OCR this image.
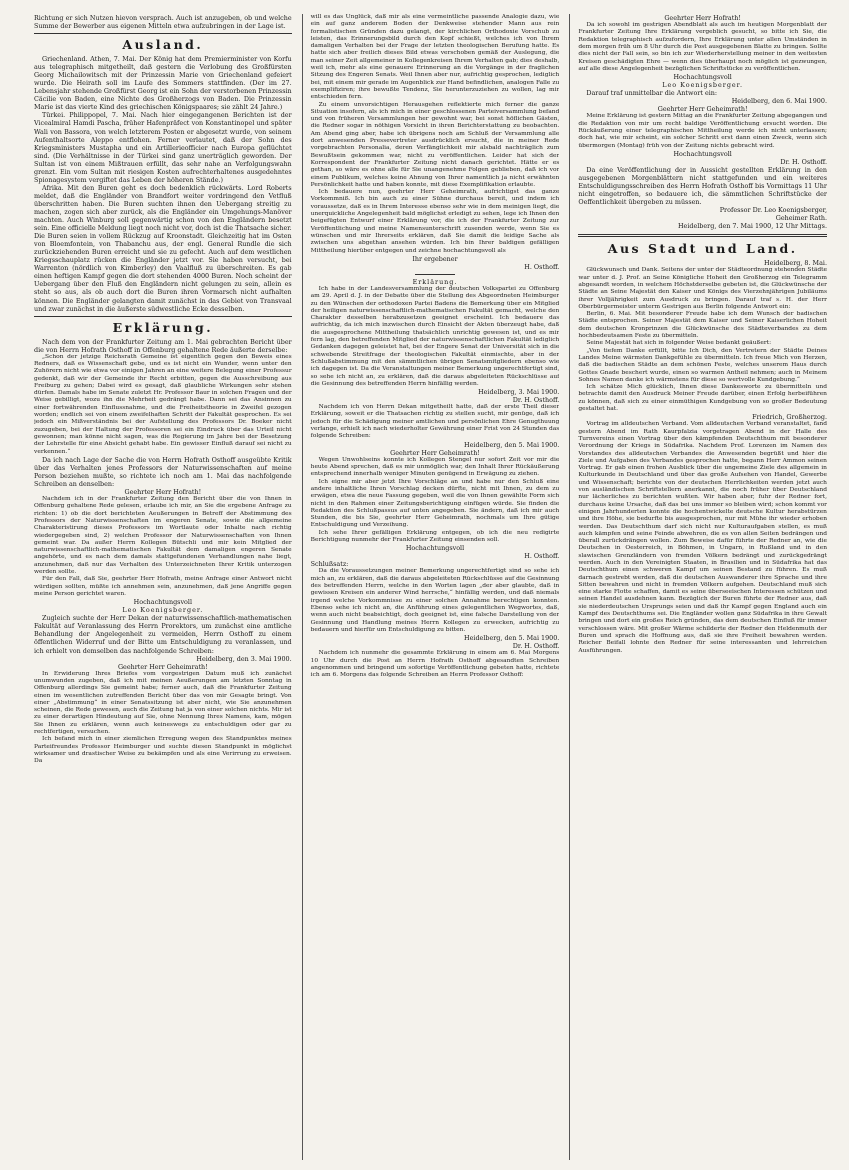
Richtung er sich Nutzen hievon versprach. Auch ist anzugeben, ob und welche Summe der Bewerber aus eigenen Mitteln etwa aufzubringen in der Lage ist.

Ausland.

Griechenland. Athen, 7. Mai. Der König hat dem Premierminister von Korfu aus telegraphisch mitgetheilt, daß gestern die Verlobung des Großfürsten Georg Michailowitsch mit der Prinzessin Marie von Griechenland gefeiert wurde. Die Heirath soll im Laufe des Sommers stattfinden. (Der im 27. Lebensjahr stehende Großfürst Georg ist ein Sohn der verstorbenen Prinzessin Cäcilie von Baden, eine Nichte des Großherzogs von Baden. Die Prinzessin Marie ist das vierte Kind des griechischen Königspaares; sie zählt 24 Jahre.)

Türkei. Philippopel, 7. Mai. Nach hier eingegangenen Berichten ist der Vicealmiral Hamdi Pascha, früher Hafenpräfect von Konstantinopel und später Wali von Bassora, von welch letzterem Posten er abgesetzt wurde, von seinem Aufenthaltsorte Aleppo entflohen. Ferner verlautet, daß der Sohn des Kriegsministers Mustapha und ein Artillerieofficier nach Europa geflüchtet sind. (Die Verhältnisse in der Türkei sind ganz unerträglich geworden. Der Sultan ist von einem Mißtrauen erfüllt, das sehr nahe an Verfolgungswahn grenzt. Ein vom Sultan mit riesigen Kosten aufrechterhaltenes ausgedehntes Spionagesystem vergiftet das Leben der höheren Stände.)

Afrika. Mit den Buren geht es doch bedenklich rückwärts. Lord Roberts meldet, daß die Engländer von Brandfort weiter vordringend den Vetfluß überschritten haben. Die Buren suchten ihnen den Uebergang streitig zu machen, zogen sich aber zurück, als die Engländer ein Umgehungs-Manöver machten. Auch Winburg soll gegenwärtig schon von den Engländern besetzt sein. Eine officielle Meldung liegt noch nicht vor, doch ist die Thatsache sicher. Die Buren seien in vollem Rückzug auf Kroonstadt. Gleichzeitig hat im Osten von Bloemfontein, von Thabanchu aus, der engl. General Rundle die sich zurückziehenden Buren erreicht und sie zu gefecht. Auch auf dem westlichen Kriegsschauplatz rücken die Engländer jetzt vor. Sie haben versucht, bei Warrenton (nördlich von Kimberley) den Vaalfluß zu überschreiten. Es gab einen heftigen Kampf gegen die dort stehenden 4000 Buren. Noch scheint der Uebergang über den Fluß den Engländern nicht gelungen zu sein, allein es steht so aus, als ob auch dort die Buren ihren Vormarsch nicht aufhalten können. Die Engländer gelangten damit zunächst in das Gebiet von Transvaal und zwar zunächst in die äußerste südwestliche Ecke desselben.

Erklärung.

Nach dem von der Frankfurter Zeitung am 1. Mai gebrachten Bericht über die von Herrn Hofrath Osthoff in Offenburg gehaltene Rede äußerte derselbe:

„Schon der jetzige Reichsrath Gemeine ist eigentlich gegen den Beweis eines Redners, daß es Wissenschaft gebe, und es ist nicht ein Wunder, wenn unter den Zuhörern nicht wie etwa vor einigen Jahren an eine weitere Belegung einer Professur gedenkt, daß wir der Gemeinde ihr Recht erbitten, gegen die Ausschreibung aus Freiburg zu gehen; Dabei wird es gesagt, daß glaubliche Wirkungen sehr stehen dürfen. Damals habe im Senate zuletzt Hr. Professor Baur in solchen Fragen und der Weise gebilligt, wozu ihn die Mehrheit gedrängt habe. Dann sei das Ansinnen zu einer fortwährenden Einflussnahme, und die Freiheitstheorie in Zweifel gezogen worden; endlich sei von einem zweifelhaften Schritt der Fakultät gesprochen. Es sei jedoch ein Mißverständnis bei der Aufstellung des Professors Dr. Boeker nicht zuzugeben, bei der Haltung der Professoren sei ein Eindruck über das Urteil nicht gewonnen; man könne nicht sagen, was die Regierung im Jahre bei der Besetzung der Lehrstelle für eine Absicht gehabt habe. Ein gewisser Einfluß darauf sei nicht zu verkennen.“

Da ich nach Lage der Sache die von Herrn Hofrath Osthoff ausgeübte Kritik über das Verhalten jenes Professors der Naturwissenschaften auf meine Person beziehen mußte, so richtete ich noch am 1. Mai das nachfolgende Schreiben an denselben:

Geehrter Herr Hofrath!

Nachdem ich in der Frankfurter Zeitung den Bericht über die von Ihnen in Offenburg gehaltene Rede gelesen, erlaube ich mir, an Sie die ergebene Anfrage zu richten: 1) ob die dort berichteten Aeußerungen in Betreff der Abstimmung des Professors der Naturwissenschaften im engeren Senate, sowie die allgemeine Charakteristirung dieses Professors im Wortlaute oder Inhalte nach richtig wiedergegeben sind, 2) welchen Professor der Naturwissenschaften von Ihnen gemeint war. Da außer Herrn Kollegen Bütschli und mir kein Mitglied der naturwissenschaftlich-mathematischen Fakultät dem damaligen engeren Senate angehörte, und es nach dem damals stattgefundenen Verhandlungen nahe liegt, anzunehmen, daß nur das Verhalten des Unterzeichneten Ihrer Kritik unterzogen werden sollte.

Für den Fall, daß Sie, geehrter Herr Hofrath, meine Anfrage einer Antwort nicht würdigen sollten, müßte ich annehmen sein, anzunehmen, daß jene Angriffe gegen meine Person gerichtet waren.

Hochachtungsvoll

Leo Koenigsberger.

Zugleich suchte der Herr Dekan der naturwissenschaftlich-mathematischen Fakultät auf Veranlassung des Herrn Prorektors, um zunächst eine amtliche Behandlung der Angelegenheit zu vermeiden, Herrn Osthoff zu einem öffentlichen Widerruf und der Bitte um Entschuldigung zu veranlassen, und ich erhielt von demselben das nachfolgende Schreiben:

Heidelberg, den 3. Mai 1900.

Geehrter Herr Geheimrath!

In Erwiderung Ihres Briefes vom vorgestrigen Datum muß ich zunächst unumwunden zugeben, daß ich mit meinen Aeußerungen am letzten Sonntag in Offenburg allerdings Sie gemeint habe; ferner auch, daß die Frankfurter Zeitung einen im wesentlichen zutreffenden Bericht über das von mir Gesagte bringt. Von einer „Abstimmung“ in einer Senatssitzung ist aber nicht, wie Sie anzunehmen scheinen, die Rede gewesen, auch die Zeitung hat ja von einer solchen nichts. Mir ist zu einer derartigen Hindeutung auf Sie, ohne Nennung Ihres Namens, kam, mögen Sie Ihnen zu erklären, wenn auch keineswegs zu entschuldigen oder gar zu rechtfertigen, versuchen.

Ich befand mich in einer ziemlichen Erregung wegen des Standpunktes meines Parteifreundes Professor Heimburger und suchte diesen Standpunkt in möglichst wirksamer und drastischer Weise zu bekämpfen und als eine Verirrung zu erweisen. Da

will es das Unglück, daß mir als eine vermeintliche passende Analogie dazu, wie ein auf ganz anderem Boden der Denkweise stehender Mann aus rein formalistischen Gründen dazu gelangt, der kirchlichen Orthodoxie Vorschub zu leisten, das Erinnerungsbild durch den Kopf schießt, welches ich von Ihrem damaligen Verhalten bei der Frage der letzten theologischen Berufung hatte. Es hatte sich aber freilich dieses Bild etwas verschoben gemäß der Auslegung, die man seiner Zeit allgemeiner in Kollegenkreisen Ihrem Verhalten gab; dies deshalb, weil ich, mehr als eine genauere Erinnerung an die Vorgänge in der fraglichen Sitzung des Engeren Senats. Weil Ihnen aber nur, aufrichtig gesprochen, lediglich bei, mit einem mir gerade im Augenblick zur Hand befindlichen, analogen Falle zu exemplifiziren; ihre bewußte Tendenz, Sie herunterzuziehen zu wollen, lag mir entschieden fern.

Zu einem unvorsichtigen Herausgehen reflektierte mich ferner die ganze Situation insofern, als ich mich in einer geschlossenen Parteiversammlung befand und von früheren Versammlungen her gewohnt war, bei sonst höflichen Gästen, die Redner sogar in nöthigen Vorsicht in ihren Berichterstattung zu beobachten. Am Abend ging aber, habe ich übrigens noch am Schluß der Versammlung alle dort anwesenden Pressevertreter ausdrücklich ersucht, die in meiner Rede vorgebrachten Personalia, deren Verfänglichkeit mir alsbald nachträglich zum Bewußtsein gekommen war, nicht zu veröffentlichen. Leider hat sich der Korrespondent der Frankfurter Zeitung nicht danach gerichtet. Hätte er es gethan, so wäre es ohne alle für Sie unangenehme Folgen geblieben, daß ich vor einem Publikum, welches keine Ahnung von Ihrer namentlich ja nicht erwähnten Persönlichkeit hatte und haben konnte, mit diese Exemplifikation erlaubte.

Ich bedauere nun, geehrter Herr Geheimrath, aufrichtigst das ganze Vorkommniß. Ich bin auch zu einer Sühne durchaus bereit, und indem ich voraussetze, daß es in Ihrem Interesse ebenso sehr wie in dem meinigen liegt, die unerquickliche Angelegenheit bald möglichst erledigt zu sehen, lege ich Ihnen den beigefügten Entwurf einer Erklärung vor, die ich der Frankfurter Zeitung zur Veröffentlichung und meine Namensunterschrift zusenden werde, wenn Sie es wünschen und mir Ihrerseits erklären, daß Sie damit die leidige Sache als zwischen uns abgethan ansehen würden. Ich bin Ihrer baldigen gefälligen Mittheilung hierüber entgegen und zeichne hochachtungsvoll als

Ihr ergebener

H. Osthoff.

Erklärung.

Ich habe in der Landesversammlung der deutschen Volkspartei zu Offenburg am 29. April d. J. in der Debatte über die Stellung des Abgeordneten Heimburger zu den Wünschen der orthodoxen Partei Badens die Bemerkung über ein Mitglied der heiligen naturwissenschaftlich-mathematischen Fakultät gemacht, welche den Charakter desselben herabzusetzen geeignet erscheint. Ich bedauere das aufrichtig, da ich mich inzwischen durch Einsicht der Akten überzeugt habe, daß die ausgesprochene Mittheilung thatsächlich unrichtig gewesen ist, und es mir fern lag, den betreffenden Mitglied der naturwissenschaftlichen Fakultät lediglich Gedanken dagegen geleistet hat, bei der Engere Senat der Universität sich in die schwebende Streitfrage der theologischen Fakultät einmischte, aber in der Schlußabstimmung mit den sämmtlichen übrigen Senatsmitgliedern ebenso wie ich dagegen ist. Da die Veranstaltungen meiner Bemerkung ungerechtfertigt sind, so sehe ich nicht an, zu erklären, daß die daraus abgeleiteten Rückschlüsse auf die Gesinnung des betreffenden Herrn hinfällig werden.

Heidelberg, 3. Mai 1900.

Dr. H. Osthoff.

Nachdem ich von Herrn Dekan mitgetheilt hatte, daß der erste Theil dieser Erklärung, soweit er die Thatsachen richtig zu stellen sucht, mir genüge, daß ich jedoch für die Schädigung meiner amtlichen und persönlichen Ehre Genugthuung verlange, erhielt ich nach wiederholter Gewährung einer Frist von 24 Stunden das folgende Schreiben:

Heidelberg, den 5. Mai 1900.

Geehrter Herr Geheimrath!

Wegen Unwohlseins konnte ich Kollegen Stengel nur sofort Zeit vor mir die heute Abend sprechen, daß es mir unmöglich war, den Inhalt Ihrer Rückäußerung entsprechend innerhalb weniger Minuten genügend in Erwägung zu ziehen.

Ich eigne mir aber jetzt Ihre Vorschläge an und habe nur den Schluß eine andere inhaltliche Ihren Vorschlag decken dürfte, nicht mit Ihnen, zu dem zu erwägen, etwa die neue Fassung gegeben, weil die von Ihnen gewählte Form sich nicht in den Rahmen einer Zeitungsberichtigung einfügen würde. Sie finden die Redaktion des Schlußpassus auf unten angegeben. Sie ändern, daß ich mir auch Stunden, die bis Sie, geehrter Herr Geheimrath, nochmals um Ihre gütige Entschuldigung und Verzeihung.

Ich sehe Ihrer gefälligen Erklärung entgegen, ob ich die neu redigirte Berichtigung nunmehr der Frankfurter Zeitung einsenden soll.

Hochachtungsvoll

H. Osthoff.

Schlußsatz:

Da die Voraussetzungen meiner Bemerkung ungerechtfertigt sind so sehe ich mich an, zu erklären, daß die daraus abgeleiteten Rückschlüsse auf die Gesinnung des betreffenden Herrn, welche in den Worten lagen „der aber glaubte, daß in gewissen Kreisen ein anderer Wind herrsche,“ hinfällig werden, und daß niemals irgend welche Vorkommnisse zu einer solchen Annahme berechtigen konnten. Ebenso sehe ich nicht an, die Anführung eines gelegentlichen Wegwortes, daß, wenn auch nicht beabsichtigt, doch geeignet ist, eine falsche Darstellung von der Gesinnung und Handlung meines Herrn Kollegen zu erwecken, aufrichtig zu bedauern und hierfür um Entschuldigung zu bitten.

Heidelberg, den 5. Mai 1900.

Dr. H. Osthoff.

Nachdem ich nunmehr die gesammte Erklärung in einem am 6. Mai Morgens 10 Uhr durch die Post an Herrn Hofrath Osthoff abgesandten Schreiben angenommen und bringend um sofortige Veröffentlichung gebeten hatte, richtete ich am 6. Morgens das folgende Schreiben an Herrn Professor Osthoff:

Geehrter Herr Hofrath!

Da ich sowohl im gestrigen Abendblatt als auch im heutigen Morgenblatt der Frankfurter Zeitung Ihre Erklärung vergeblich gesucht, so bitte ich Sie, die Redaktion telegraphisch aufzufordern, Ihre Erklärung unter allen Umständen in dem morgen früh um 8 Uhr durch die Post ausgegebenen Blatte zu bringen. Sollte dies nicht der Fall sein, so bin ich zur Wiederherstellung meiner in den weitesten Kreisen geschädigten Ehre — wenn dies überhaupt noch möglich ist gezwungen, auf alle diese Angelegenheit bezüglichen Schriftstücke zu veröffentlichen.

Hochachtungsvoll

Leo Koenigsberger.

Darauf traf unmittelbar die Antwort ein:

Heidelberg, den 6. Mai 1900.

Geehrter Herr Geheimrath!

Meine Erklärung ist gestern Mittag an die Frankfurter Zeitung abgegangen und die Redaktion von mir um recht baldige Veröffentlichung ersucht worden. Die Rückäußerung einer telegraphischen Mittheilung werde ich nicht unterlassen; doch hat, wie mir scheint, ein solcher Schritt erst dann einen Zweck, wenn sich übermorgen (Montag) früh von der Zeitung nichts gebracht wird.

Hochachtungsvoll

Dr. H. Osthoff.

Da eine Veröffentlichung der in Aussicht gestellten Erklärung in den ausgegebenen Morgenblättern nicht stattgefunden und ein weiteres Entschuldigungsschreiben des Herrn Hofrath Osthoff bis Vormittags 11 Uhr nicht eingetroffen, so bedauere ich, die sämmtlichen Schriftstücke der Oeffentlichkeit übergeben zu müssen.

Professor Dr. Leo Koenigsberger,

Geheimer Rath.

Heidelberg, den 7. Mai 1900, 12 Uhr Mittags.

Aus Stadt und Land.

Heidelberg, 8. Mai.

Glückwunsch und Dank. Seitens der unter der Städteordnung stehenden Städte war unter d. J. Prof. an Seine Königliche Hoheit den Großherzog ein Telegramm abgesandt worden, in welchem Höchstderselbe gebeten ist, die Glückwünsche der Städte an Seine Majestät den Kaiser und Königs des Vierzehnjährigen Jubiläums ihrer Volljährigkeit zum Ausdruck zu bringen. Darauf traf s. H. der Herr Oberbürgermeister unterm Gestrigen aus Berlin folgende Antwort ein:

Berlin, 6. Mai. Mit besonderer Freude habe ich dem Wunsch der badischen Städte entsprochen. Seiner Majestät dem Kaiser und Seiner Kaiserlichen Hoheit dem deutschen Kronprinzen die Glückwünsche des Städteverbandes zu dem hochbedeutsamen Feste zu übermitteln.

Seine Majestät hat sich in folgender Weise bedankt geäußert:

„Von tiefem Danke erfüllt, bitte Ich Dich, den Vertretern der Städte Deines Landes Meine wärmsten Dankgefühle zu übermitteln. Ich freue Mich von Herzen, daß die badischen Städte an dem schönen Feste, welches unserem Haus durch Gottes Gnade beschert wurde, einen so warmen Antheil nehmen; auch in Meinem Sohnes Namen danke ich wärmstens für diese so wertvolle Kundgebung.“

Ich schätze Mich glücklich, Ihnen diese Dankesworte zu übermitteln und betrachte damit den Ausdruck Meiner Freude darüber, einen Erfolg herbeiführen zu können, daß sich zu einer einmüthigen Kundgebung von so großer Bedeutung gestaltet hat.

Friedrich, Großherzog.

Vortrag im alldeutschen Verband. Vom alldeutschen Verband veranstaltet, fand gestern Abend im Rath Kaurpfalzia vorgetragen Abend in der Halle des Turnvereins einen Vortrag über den kämpfenden Deutschthum mit besonderer Verordnung der Kriegs in Südafrika. Nachdem Prof. Lorenzen im Namen des Vorstandes des alldeutschen Verbandes die Anwesenden begrüßt und hier die Ziele und Aufgaben des Verbandes gesprochen hatte, begann Herr Ammon seinen Vortrag. Er gab einen frohen Ausblick über die ungemeine Ziele des allgemein in Kulturkunde in Deutschland und über das große Aufsehen von Handel, Gewerbe und Wissenschaft; berichte von der deutschen Herrlichkeiten werden jetzt auch von ausländischen Schriftstellern anerkannt, die noch früher über Deutschland nur lächerliches zu berichten wußten. Wir haben aber, fuhr der Redner fort, durchaus keine Ursache, daß das bei uns immer so bleiben wird; schon kommt vor einigen Jahrhunderten konnte die hochentwickelte deutsche Kultur herabstürzen und ihre Höhe, sie bedurfte bis ausgesprochen, nur mit Mühe ihr wieder erhoben werden. Das Deutschthum darf sich nicht nur Kulturaufgaben stellen, es muß auch kämpfen und seine Feinde abwehren, die es von allen Seiten bedrängen und überall zurückdrängen wollen. Zum Beweise dafür führte der Redner an, wie die Deutschen in Oesterreich, in Böhmen, in Ungarn, in Rußland und in den slawischen Grenzländern von fremden Völkern bedrängt und zurückgedrängt werden. Auch in den Vereinigten Staaten, in Brasilien und in Südafrika hat das Deutschthum einen schweren Kampf um seinen Bestand zu führen. Es muß darnach gestrebt werden, daß die deutschen Auswanderer ihre Sprache und ihre Sitten bewahren und nicht in fremden Völkern aufgehen. Deutschland muß sich eine starke Flotte schaffen, damit es seine überseeischen Interessen schützen und seinen Handel ausdehnen kann. Bezüglich der Buren führte der Redner aus, daß sie niederdeutschen Ursprungs seien und daß ihr Kampf gegen England auch ein Kampf des Deutschthums sei. Die Engländer wollen ganz Südafrika in ihre Gewalt bringen und dort ein großes Reich gründen, das dem deutschen Einfluß für immer verschlossen wäre. Mit großer Wärme schilderte der Redner den Heldenmuth der Buren und sprach die Hoffnung aus, daß sie ihre Freiheit bewahren werden. Reicher Beifall lohnte den Redner für seine interessanten und lehrreichen Ausführungen.
